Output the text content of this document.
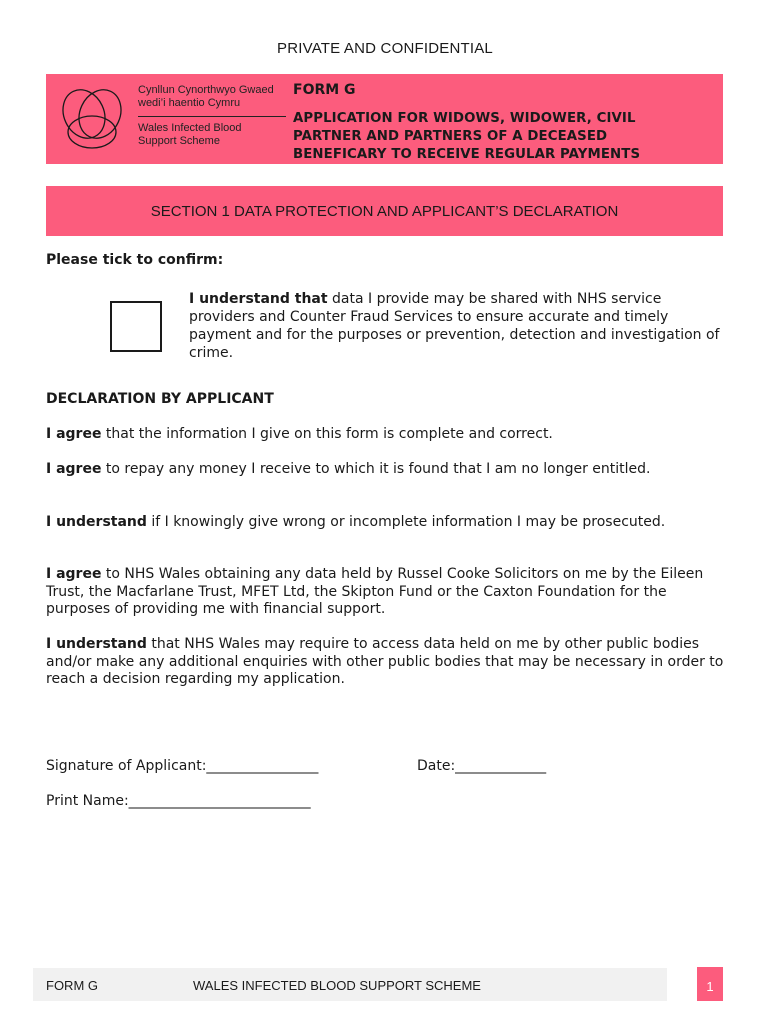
PRIVATE AND CONFIDENTIAL
Cynllun Cynorthwyo Gwaed
wedi’i haentio Cymru
Wales Infected Blood
Support Scheme
FORM G
APPLICATION FOR WIDOWS, WIDOWER, CIVIL
PARTNER AND PARTNERS OF A DECEASED
BENEFICARY TO RECEIVE REGULAR PAYMENTS
SECTION 1 DATA PROTECTION AND APPLICANT’S DECLARATION
Please tick to confirm:
I understand that data I provide may be shared with NHS service providers and Counter Fraud Services to ensure accurate and timely payment and for the purposes or prevention, detection and investigation of crime.
DECLARATION BY APPLICANT
I agree that the information I give on this form is complete and correct.
I agree to repay any money I receive to which it is found that I am no longer entitled.
I understand if I knowingly give wrong or incomplete information I may be prosecuted.
I agree to NHS Wales obtaining any data held by Russel Cooke Solicitors on me by the Eileen Trust, the Macfarlane Trust, MFET Ltd, the Skipton Fund or the Caxton Foundation for the purposes of providing me with financial support.
I understand that NHS Wales may require to access data held on me by other public bodies and/or make any additional enquiries with other public bodies that may be necessary in order to reach a decision regarding my application.
Signature of Applicant:________________	Date:_____________
Print Name:__________________________
FORM G	WALES INFECTED BLOOD SUPPORT SCHEME	1
